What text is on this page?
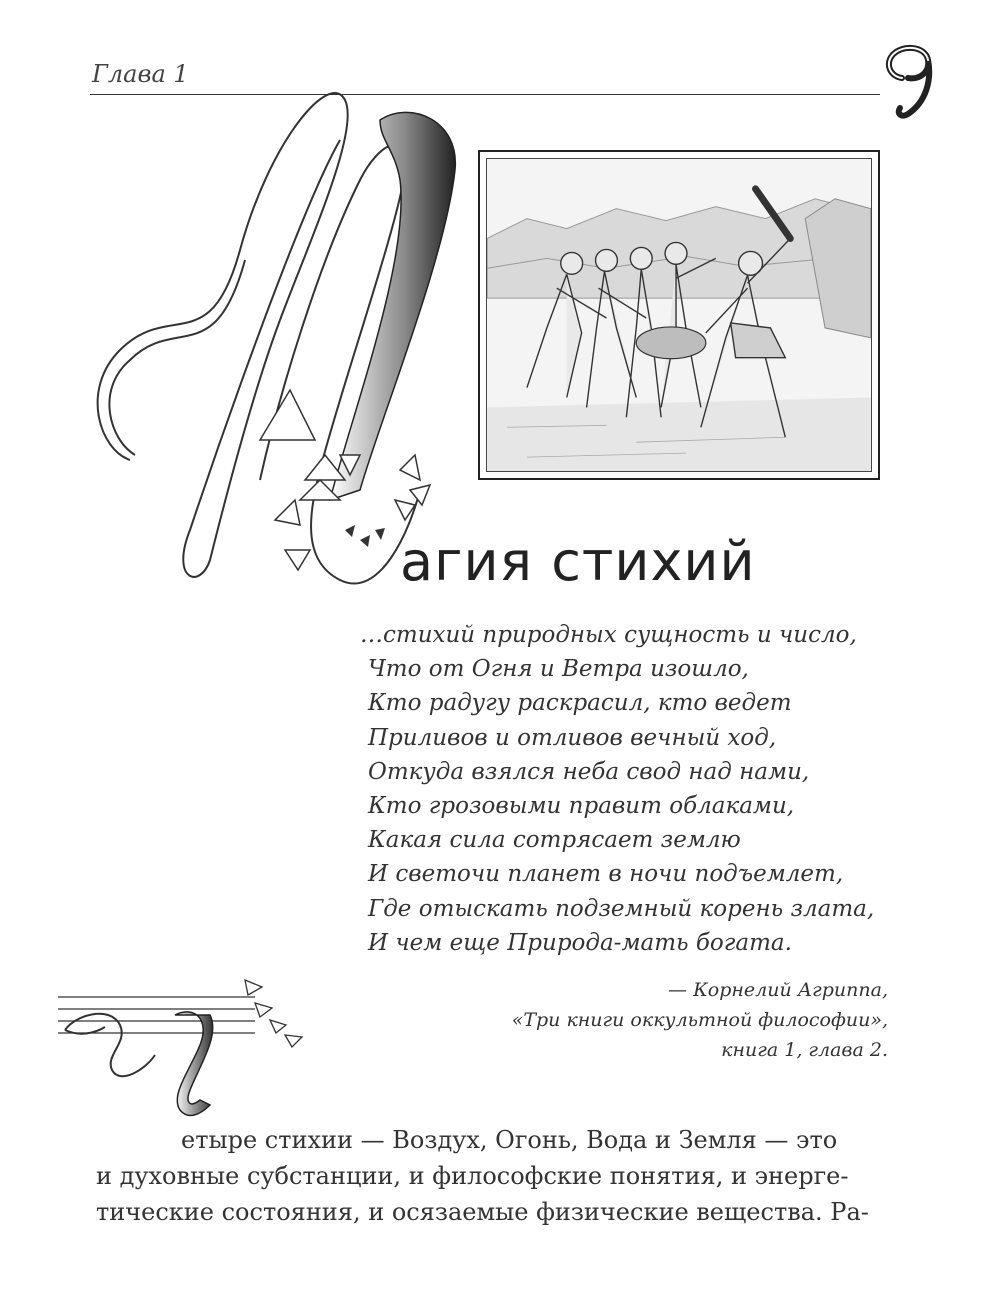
Глава 1
агия стихий
…стихий природных сущность и число,
Что от Огня и Ветра изошло,
Кто радугу раскрасил, кто ведет
Приливов и отливов вечный ход,
Откуда взялся неба свод над нами,
Кто грозовыми правит облаками,
Какая сила сотрясает землю
И светочи планет в ночи подъемлет,
Где отыскать подземный корень злата,
И чем еще Природа-мать богата.
— Корнелий Агриппа,
«Три книги оккультной философии»,
книга 1, глава 2.
етыре стихии — Воздух, Огонь, Вода и Земля — это
и духовные субстанции, и философские понятия, и энерге-
тические состояния, и осязаемые физические вещества. Ра-
